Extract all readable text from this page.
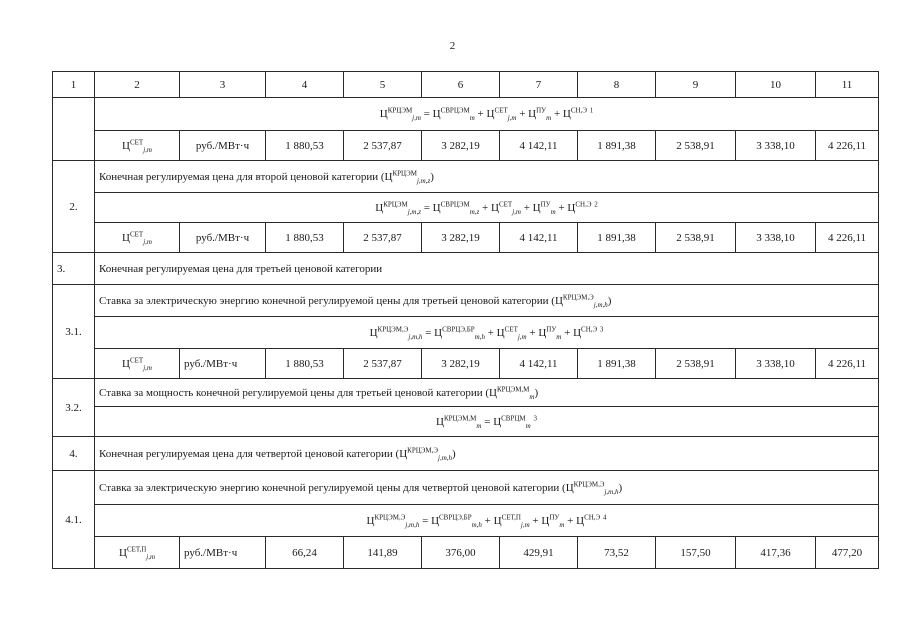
2
1	2	3	4	5	6	7	8	9	10	11
	$Ц^{КРЦЭМ}_{j,m} = Ц^{СВРЦЭМ}_m + Ц^{СЕТ}_{j,m} + Ц^{ПУ}_m + Ц^{СН,Э}$ $^1$
	$Ц^{СЕТ}_{j,m}$	руб./МВт·ч	1 880,53	2 537,87	3 282,19	4 142,11	1 891,38	2 538,91	3 338,10	4 226,11
2.	Конечная регулируемая цена для второй ценовой категории $(Ц^{КРЦЭМ}_{j,m,z})$									
	$Ц^{КРЦЭМ}_{j,m,z} = Ц^{СВРЦЭМ}_{m,z} + Ц^{СЕТ}_{j,m} + Ц^{ПУ}_m + Ц^{СН,Э}$ $^2$
	$Ц^{СЕТ}_{j,m}$	руб./МВт·ч	1 880,53	2 537,87	3 282,19	4 142,11	1 891,38	2 538,91	3 338,10	4 226,11
3.	Конечная регулируемая цена для третьей ценовой категории									
3.1.	Ставка за электрическую энергию конечной регулируемой цены для третьей ценовой категории $(Ц^{КРЦЭМ,Э}_{j,m,h})$									
	$Ц^{КРЦЭМ,Э}_{j,m,h} = Ц^{СВРЦЭ,БР}_{m,h} + Ц^{СЕТ}_{j,m} + Ц^{ПУ}_m + Ц^{СН,Э}$ $^3$
	$Ц^{СЕТ}_{j,m}$	руб./МВт·ч	1 880,53	2 537,87	3 282,19	4 142,11	1 891,38	2 538,91	3 338,10	4 226,11
3.2.	Ставка за мощность конечной регулируемой цены для третьей ценовой категории $(Ц^{КРЦЭМ,М}_m)$									
	$Ц^{КРЦЭМ,М}_m = Ц^{СВРЦМ}_m$ $^3$
4.	Конечная регулируемая цена для четвертой ценовой категории $(Ц^{КРЦЭМ,Э}_{j,m,h})$									
4.1.	Ставка за электрическую энергию конечной регулируемой цены для четвертой ценовой категории $(Ц^{КРЦЭМ,Э}_{j,m,h})$									
	$Ц^{КРЦЭМ,Э}_{j,m,h} = Ц^{СВРЦЭ,БР}_{m,h} + Ц^{СЕТ,П}_{j,m} + Ц^{ПУ}_m + Ц^{СН,Э}$ $^4$
	$Ц^{СЕТ,П}_{j,m}$	руб./МВт·ч	66,24	141,89	376,00	429,91	73,52	157,50	417,36	477,20
